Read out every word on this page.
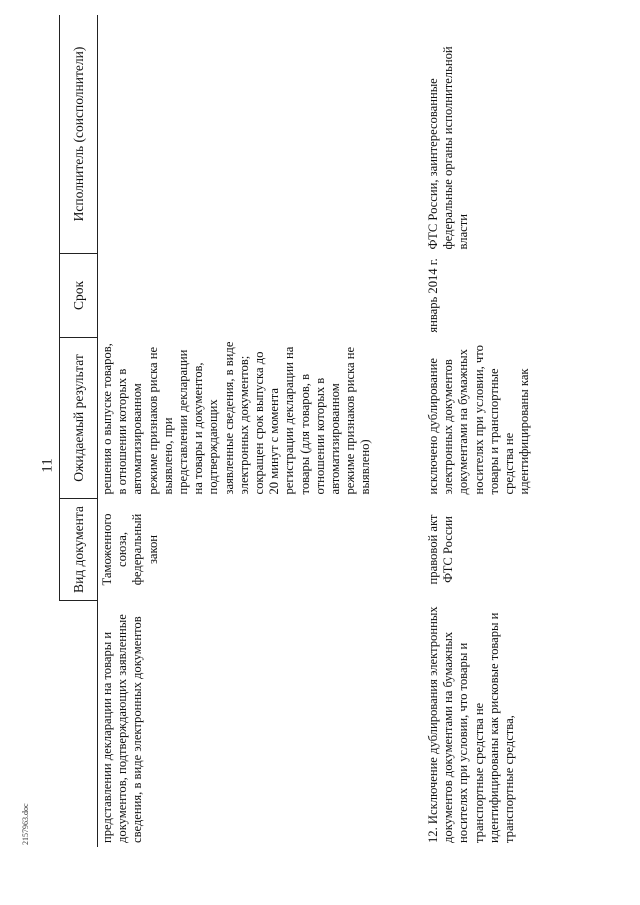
11
	Вид документа	Ожидаемый результат	Срок	Исполнитель (соисполнители)
представлении декларации на товары и документов, подтверждающих заявленные сведения, в виде электронных документов	Таможенного союза, федеральный закон	решения о выпуске товаров, в отношении которых в автоматизированном режиме признаков риска не выявлено, при представлении декларации на товары и документов, подтверждающих заявленные сведения, в виде электронных документов; сокращен срок выпуска до 20 минут с момента регистрации декларации на товары (для товаров, в отношении которых в автоматизированном режиме признаков риска не выявлено)		
12. Исключение дублирования электронных документов документами на бумажных носителях при условии, что товары и транспортные средства не идентифицированы как рисковые товары и транспортные средства,	правовой акт ФТС России	исключено дублирование электронных документов документами на бумажных носителях при условии, что товары и транспортные средства не идентифицированы как	январь 2014 г.	ФТС России, заинтересованные федеральные органы исполнительной власти
2157963.doc
